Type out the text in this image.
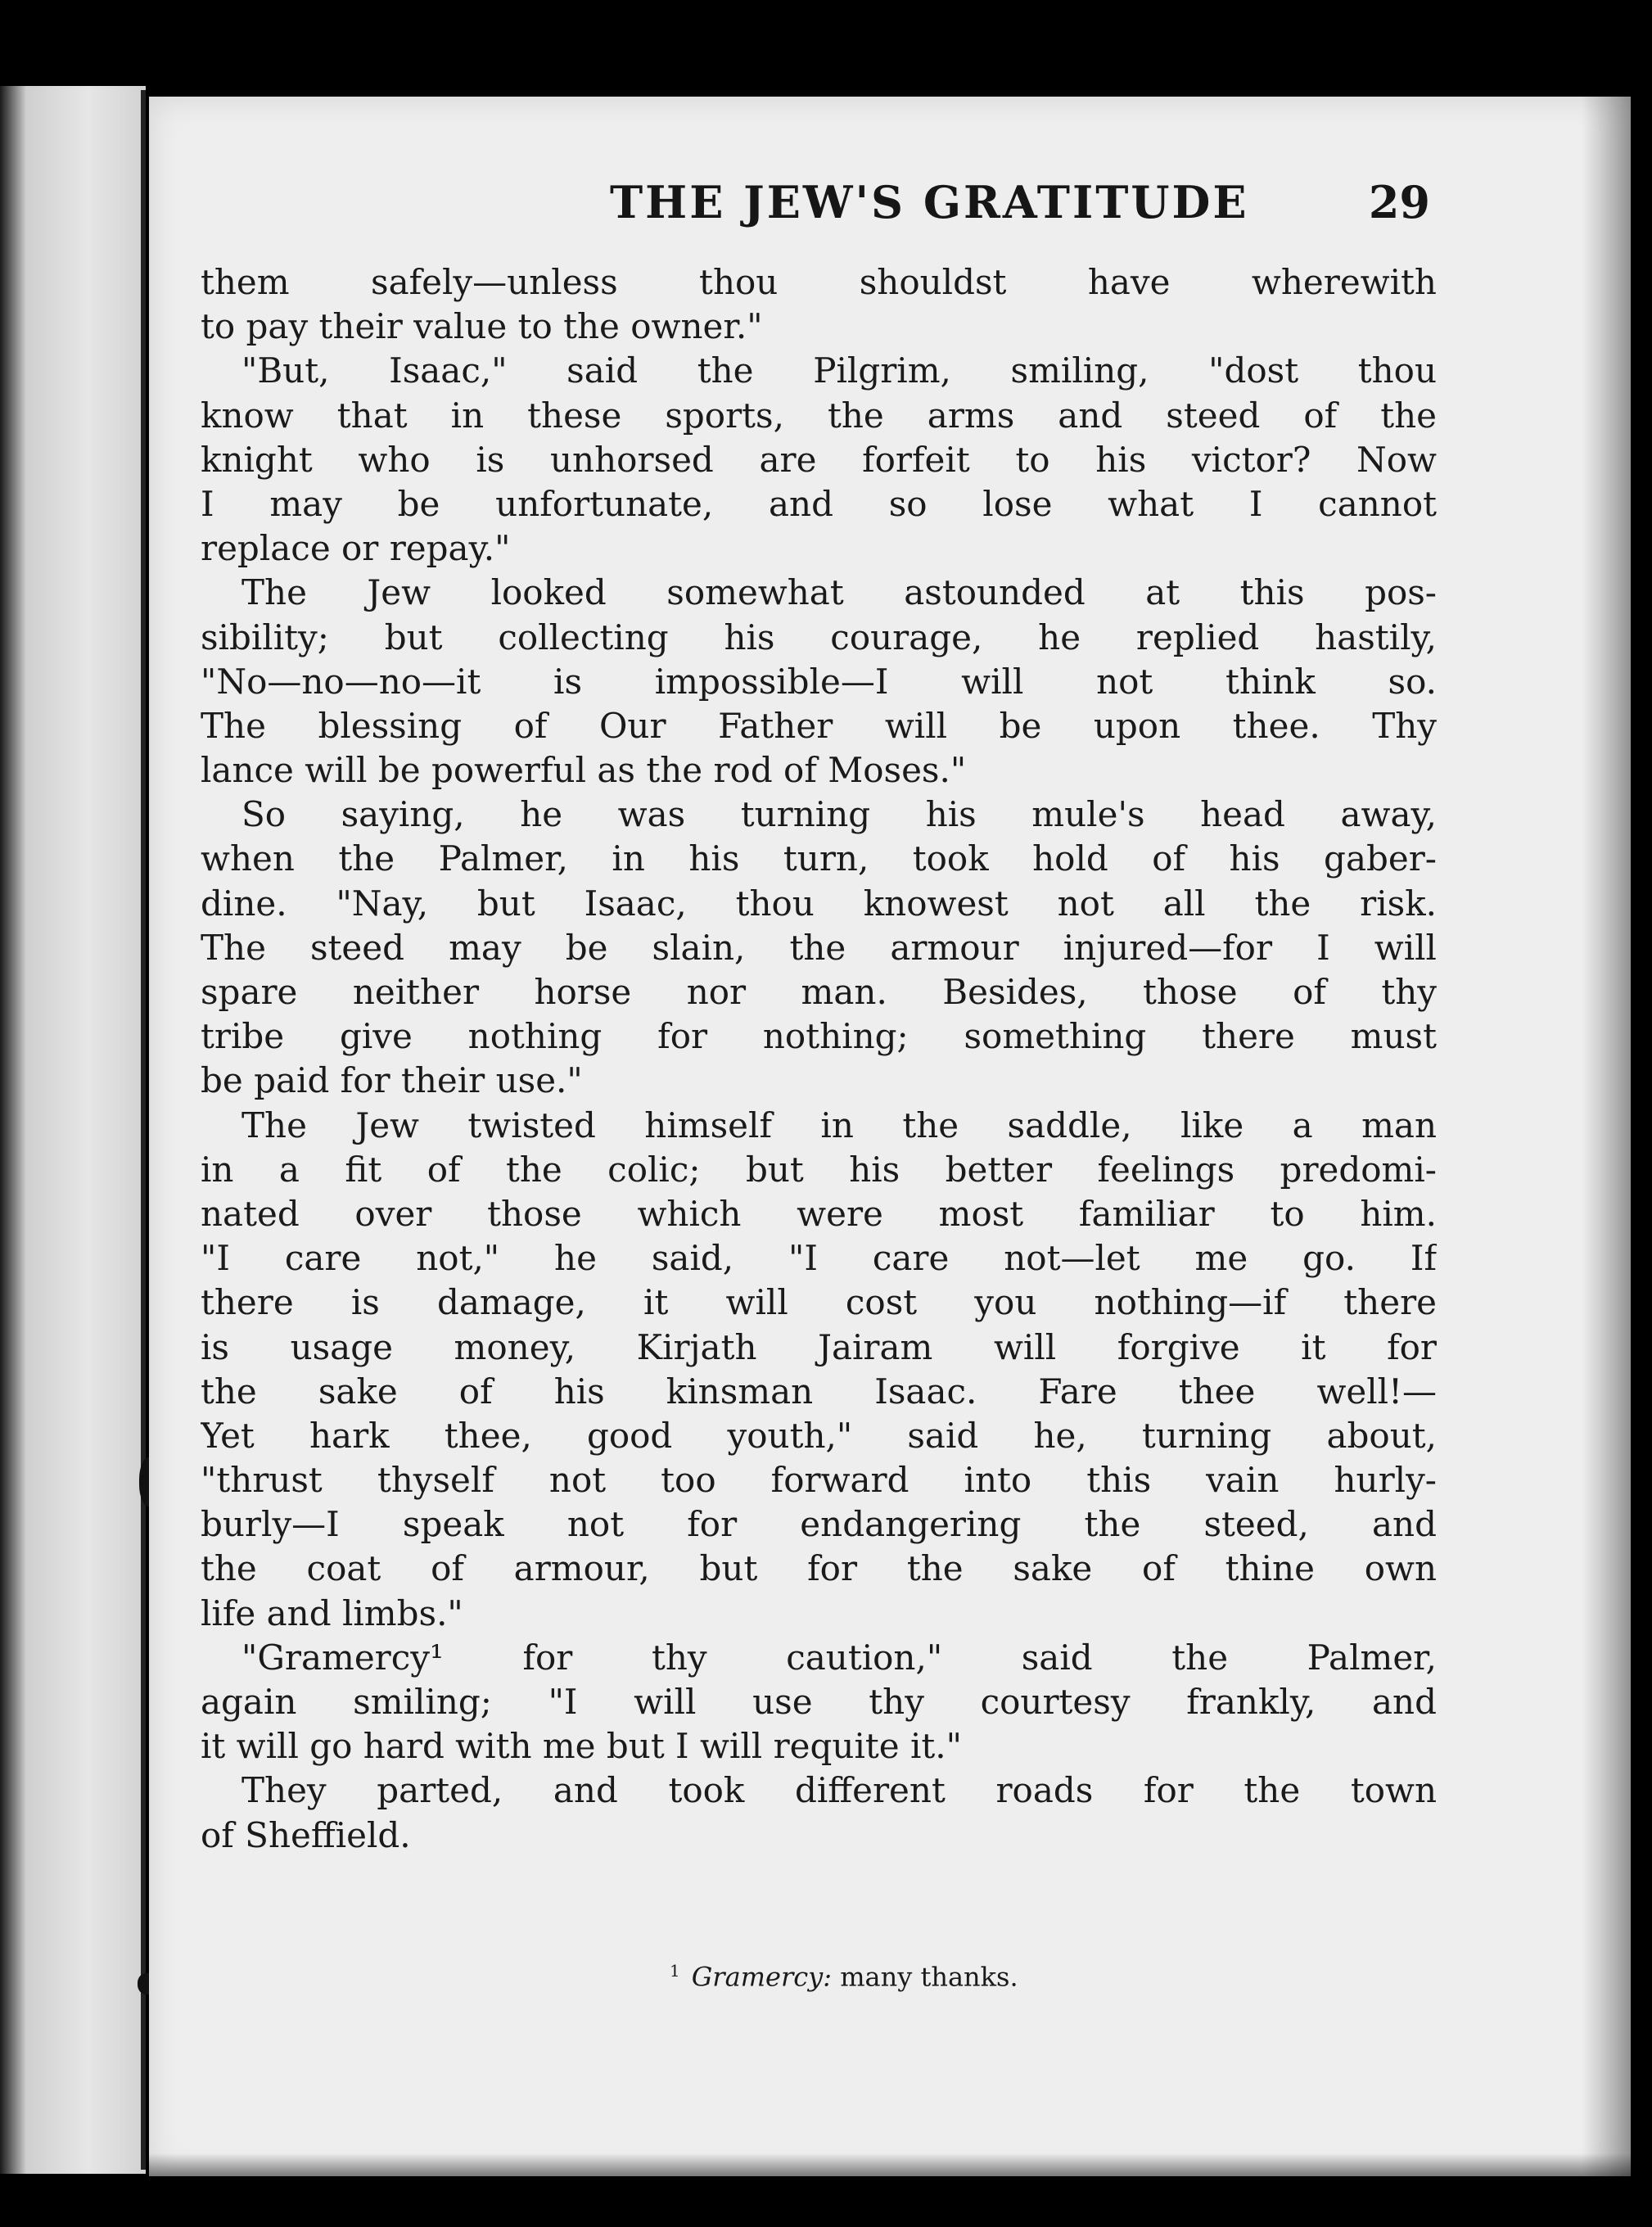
THE JEW'S GRATITUDE	29
them safely—unless thou shouldst have wherewith
to pay their value to the owner."
"But, Isaac," said the Pilgrim, smiling, "dost thou
know that in these sports, the arms and steed of the
knight who is unhorsed are forfeit to his victor? Now
I may be unfortunate, and so lose what I cannot
replace or repay."
The Jew looked somewhat astounded at this pos-
sibility; but collecting his courage, he replied hastily,
"No—no—no—it is impossible—I will not think so.
The blessing of Our Father will be upon thee. Thy
lance will be powerful as the rod of Moses."
So saying, he was turning his mule's head away,
when the Palmer, in his turn, took hold of his gaber-
dine. "Nay, but Isaac, thou knowest not all the risk.
The steed may be slain, the armour injured—for I will
spare neither horse nor man. Besides, those of thy
tribe give nothing for nothing; something there must
be paid for their use."
The Jew twisted himself in the saddle, like a man
in a fit of the colic; but his better feelings predomi-
nated over those which were most familiar to him.
"I care not," he said, "I care not—let me go. If
there is damage, it will cost you nothing—if there
is usage money, Kirjath Jairam will forgive it for
the sake of his kinsman Isaac. Fare thee well!—
Yet hark thee, good youth," said he, turning about,
"thrust thyself not too forward into this vain hurly-
burly—I speak not for endangering the steed, and
the coat of armour, but for the sake of thine own
life and limbs."
"Gramercy¹ for thy caution," said the Palmer,
again smiling; "I will use thy courtesy frankly, and
it will go hard with me but I will requite it."
They parted, and took different roads for the town
of Sheffield.
$^1$ Gramercy: many thanks.
